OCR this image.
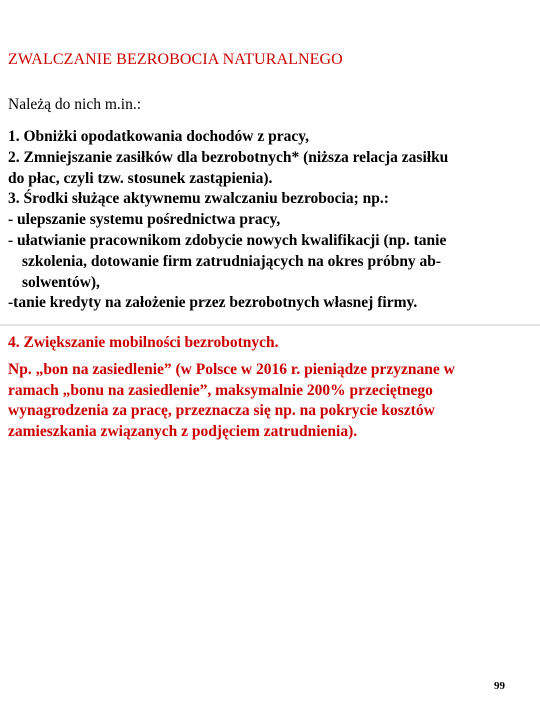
ZWALCZANIE BEZROBOCIA NATURALNEGO
Należą do nich m.in.:

1. Obniżki opodatkowania dochodów z pracy,

2. Zmniejszanie zasiłków dla bezrobotnych* (niższa relacja zasiłku

do płac, czyli tzw. stosunek zastąpienia).

3. Środki służące aktywnemu zwalczaniu bezrobocia; np.:

- ulepszanie systemu pośrednictwa pracy,

- ułatwianie pracownikom zdobycie nowych kwalifikacji (np. tanie

szkolenia, dotowanie firm zatrudniających na okres próbny ab-

solwentów),

-tanie kredyty na założenie przez bezrobotnych własnej firmy.

4. Zwiększanie mobilności bezrobotnych.

Np. „bon na zasiedlenie” (w Polsce w 2016 r. pieniądze przyznane w

ramach „bonu na zasiedlenie”, maksymalnie 200% przeciętnego

wynagrodzenia za pracę, przeznacza się np. na pokrycie kosztów

zamieszkania związanych z podjęciem zatrudnienia).

99
